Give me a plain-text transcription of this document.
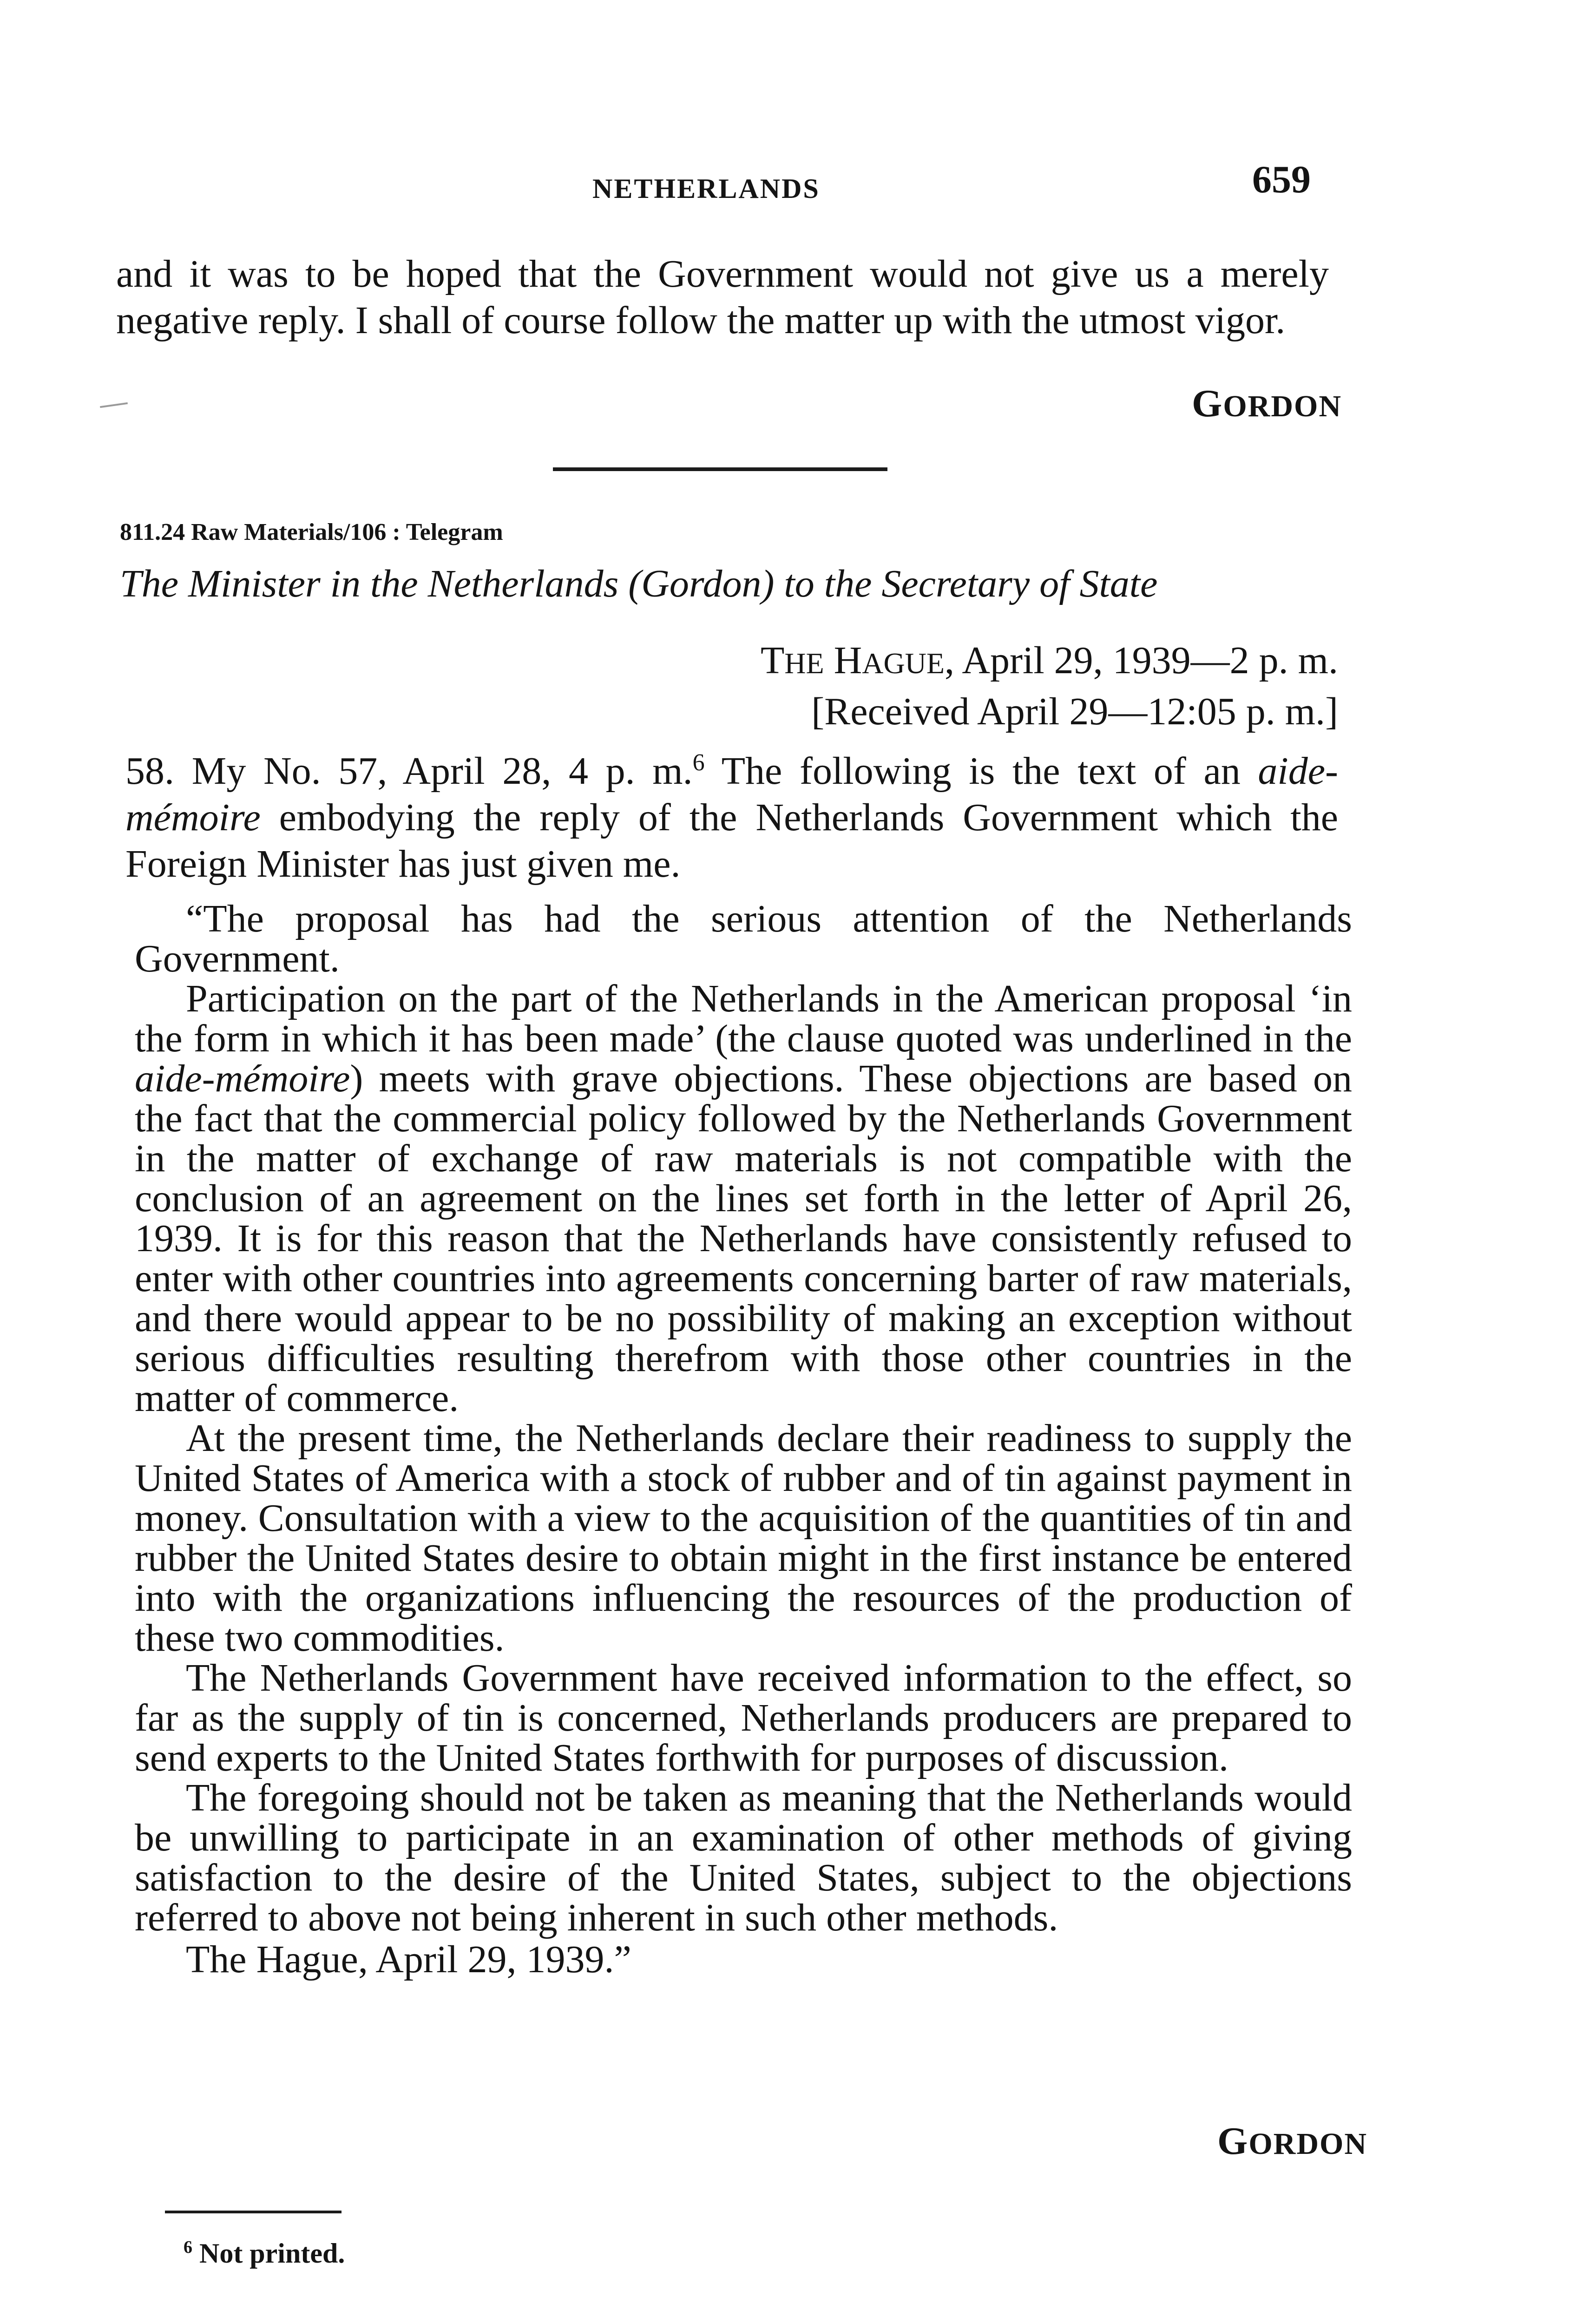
NETHERLANDS	659
and it was to be hoped that the Government would not give us a merely negative reply. I shall of course follow the matter up with the utmost vigor.
GORDON
811.24 Raw Materials/106 : Telegram
The Minister in the Netherlands (Gordon) to the Secretary of State
THE HAGUE, April 29, 1939—2 p. m.
[Received April 29—12:05 p. m.]
58. My No. 57, April 28, 4 p. m.$^6$ The following is the text of an aide-mémoire embodying the reply of the Netherlands Government which the Foreign Minister has just given me.

“The proposal has had the serious attention of the Netherlands Government.

Participation on the part of the Netherlands in the American proposal ‘in the form in which it has been made’ (the clause quoted was underlined in the aide-mémoire) meets with grave objections. These objections are based on the fact that the commercial policy followed by the Netherlands Government in the matter of exchange of raw materials is not compatible with the conclusion of an agreement on the lines set forth in the letter of April 26, 1939. It is for this reason that the Netherlands have consistently refused to enter with other countries into agreements concerning barter of raw materials, and there would appear to be no possibility of making an exception without serious difficulties resulting therefrom with those other countries in the matter of commerce.

At the present time, the Netherlands declare their readiness to supply the United States of America with a stock of rubber and of tin against payment in money. Consultation with a view to the acquisition of the quantities of tin and rubber the United States desire to obtain might in the first instance be entered into with the organizations influencing the resources of the production of these two commodities.

The Netherlands Government have received information to the effect, so far as the supply of tin is concerned, Netherlands producers are prepared to send experts to the United States forthwith for purposes of discussion.

The foregoing should not be taken as meaning that the Netherlands would be unwilling to participate in an examination of other methods of giving satisfaction to the desire of the United States, subject to the objections referred to above not being inherent in such other methods.

The Hague, April 29, 1939.”

GORDON
$^6$ Not printed.
